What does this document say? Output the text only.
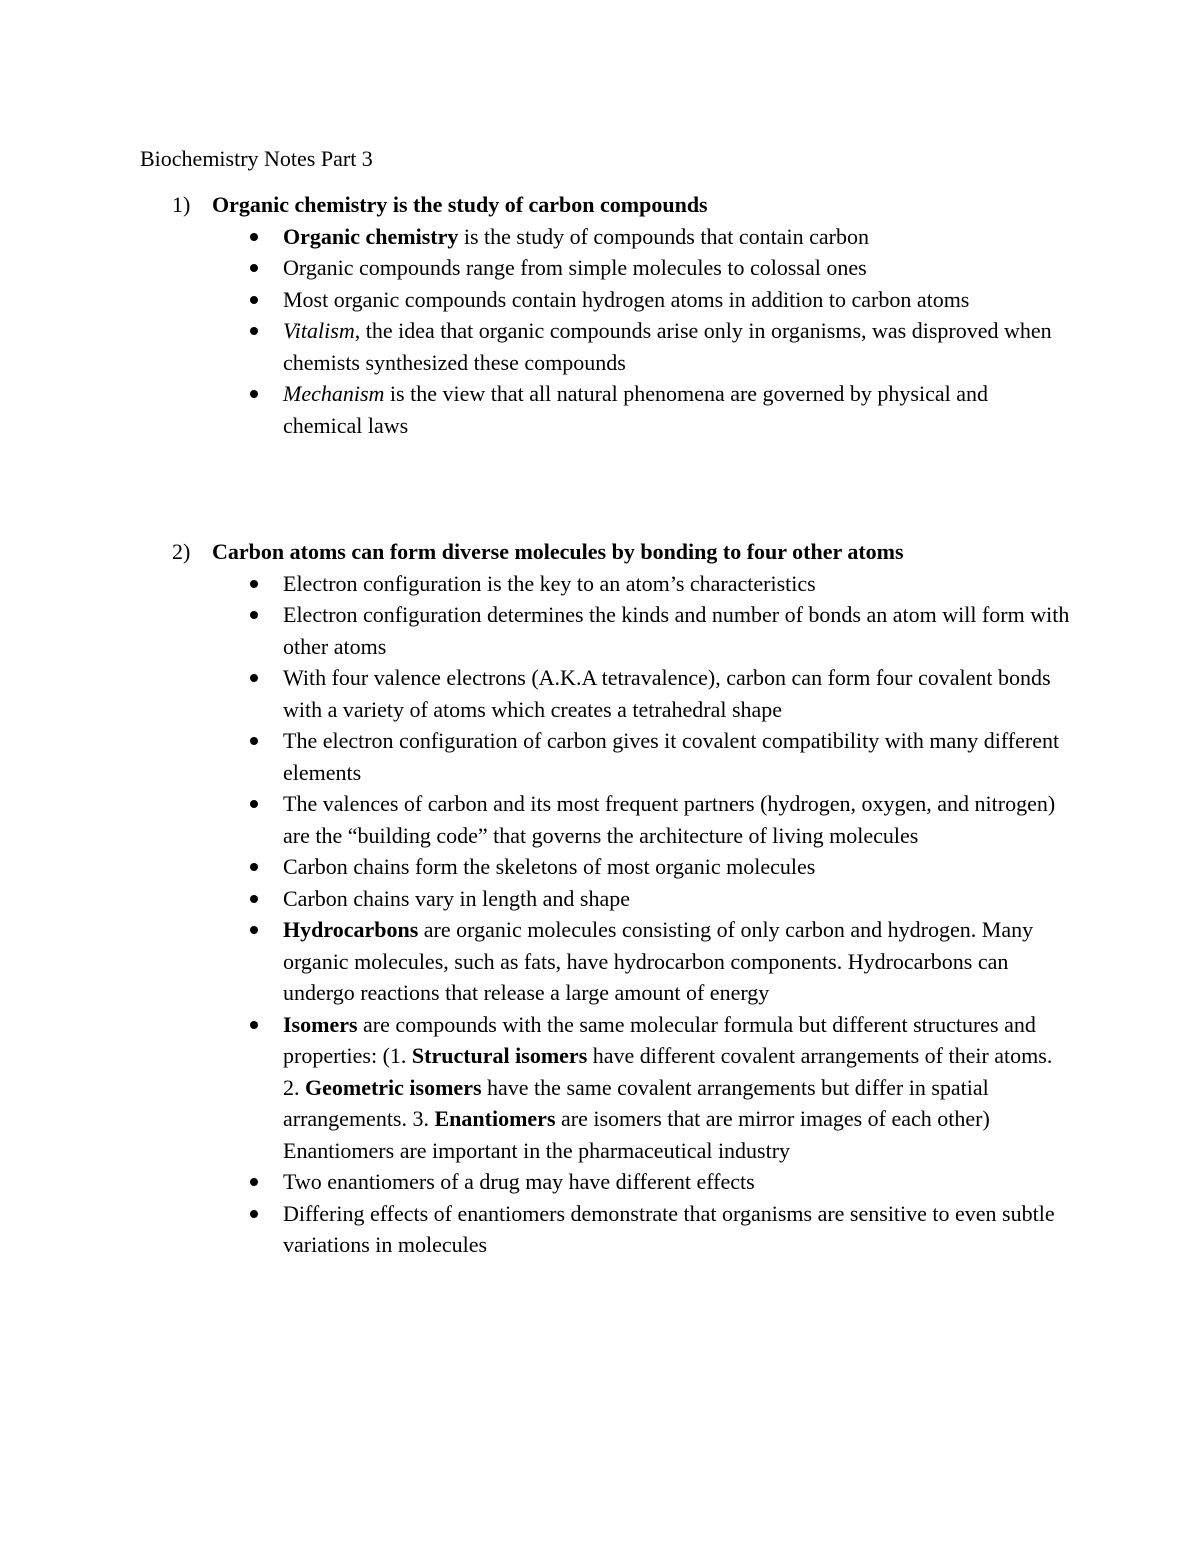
Biochemistry Notes Part 3

1) Organic chemistry is the study of carbon compounds

Organic chemistry is the study of compounds that contain carbon
Organic compounds range from simple molecules to colossal ones
Most organic compounds contain hydrogen atoms in addition to carbon atoms
Vitalism, the idea that organic compounds arise only in organisms, was disproved when chemists synthesized these compounds
Mechanism is the view that all natural phenomena are governed by physical and chemical laws

2) Carbon atoms can form diverse molecules by bonding to four other atoms

Electron configuration is the key to an atom’s characteristics
Electron configuration determines the kinds and number of bonds an atom will form with other atoms
With four valence electrons (A.K.A tetravalence), carbon can form four covalent bonds with a variety of atoms which creates a tetrahedral shape
The electron configuration of carbon gives it covalent compatibility with many different elements
The valences of carbon and its most frequent partners (hydrogen, oxygen, and nitrogen) are the “building code” that governs the architecture of living molecules
Carbon chains form the skeletons of most organic molecules
Carbon chains vary in length and shape
Hydrocarbons are organic molecules consisting of only carbon and hydrogen. Many organic molecules, such as fats, have hydrocarbon components. Hydrocarbons can undergo reactions that release a large amount of energy
Isomers are compounds with the same molecular formula but different structures and properties: (1. Structural isomers have different covalent arrangements of their atoms. 2. Geometric isomers have the same covalent arrangements but differ in spatial arrangements. 3. Enantiomers are isomers that are mirror images of each other) Enantiomers are important in the pharmaceutical industry
Two enantiomers of a drug may have different effects
Differing effects of enantiomers demonstrate that organisms are sensitive to even subtle variations in molecules
